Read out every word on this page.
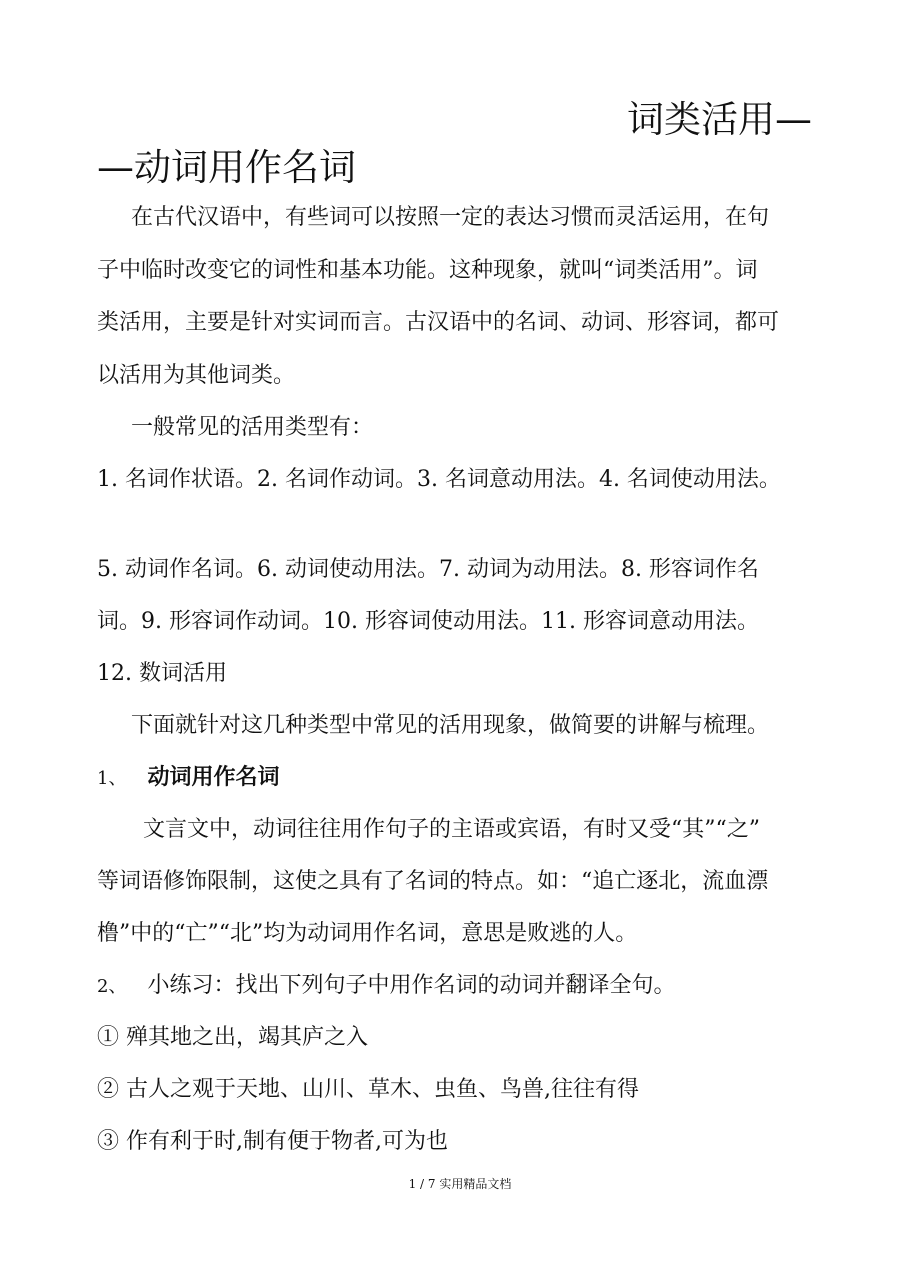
词类活用—
—动词用作名词
在古代汉语中，有些词可以按照一定的表达习惯而灵活运用，在句
子中临时改变它的词性和基本功能。这种现象，就叫“词类活用”。词
类活用，主要是针对实词而言。古汉语中的名词、动词、形容词，都可
以活用为其他词类。
一般常见的活用类型有：
1. 名词作状语。2. 名词作动词。3. 名词意动用法。4. 名词使动用法。
5. 动词作名词。6. 动词使动用法。7. 动词为动用法。8. 形容词作名
词。9. 形容词作动词。10. 形容词使动用法。11. 形容词意动用法。
12. 数词活用
下面就针对这几种类型中常见的活用现象，做简要的讲解与梳理。
1、 动词用作名词
文言文中，动词往往用作句子的主语或宾语，有时又受“其”“之”
等词语修饰限制，这使之具有了名词的特点。如：“追亡逐北，流血漂
橹”中的“亡”“北”均为动词用作名词，意思是败逃的人。
2、 小练习：找出下列句子中用作名词的动词并翻译全句。
① 殚其地之出，竭其庐之入
② 古人之观于天地、山川、草木、虫鱼、鸟兽,往往有得
③ 作有利于时,制有便于物者,可为也
1 / 7 实用精品文档
